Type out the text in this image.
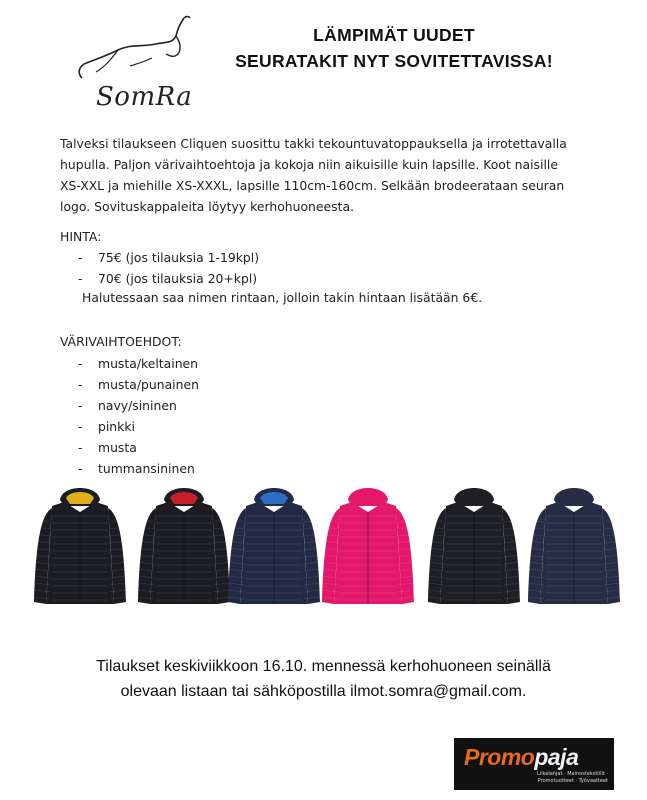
SomRa
LÄMPIMÄT UUDET
SEURATAKIT NYT SOVITETTAVISSA!
Talveksi tilaukseen Cliquen suosittu takki tekountuvatoppauksella ja irrotettavalla
hupulla. Paljon värivaihtoehtoja ja kokoja niin aikuisille kuin lapsille. Koot naisille
XS-XXL ja miehille XS-XXXL, lapsille 110cm-160cm. Selkään brodeerataan seuran
logo. Sovituskappaleita löytyy kerhohuoneesta.
HINTA:
- 75€ (jos tilauksia 1-19kpl)
- 70€ (jos tilauksia 20+kpl)
Halutessaan saa nimen rintaan, jolloin takin hintaan lisätään 6€.
VÄRIVAIHTOEHDOT:
- musta/keltainen
- musta/punainen
- navy/sininen
- pinkki
- musta
- tummansininen
Tilaukset keskiviikkoon 16.10. mennessä kerhohuoneen seinällä
olevaan listaan tai sähköpostilla ilmot.somra@gmail.com.
Promopaja
Liikelahjat · Mainostekstiilit ·
Promotuotteet · Työvaatteet
